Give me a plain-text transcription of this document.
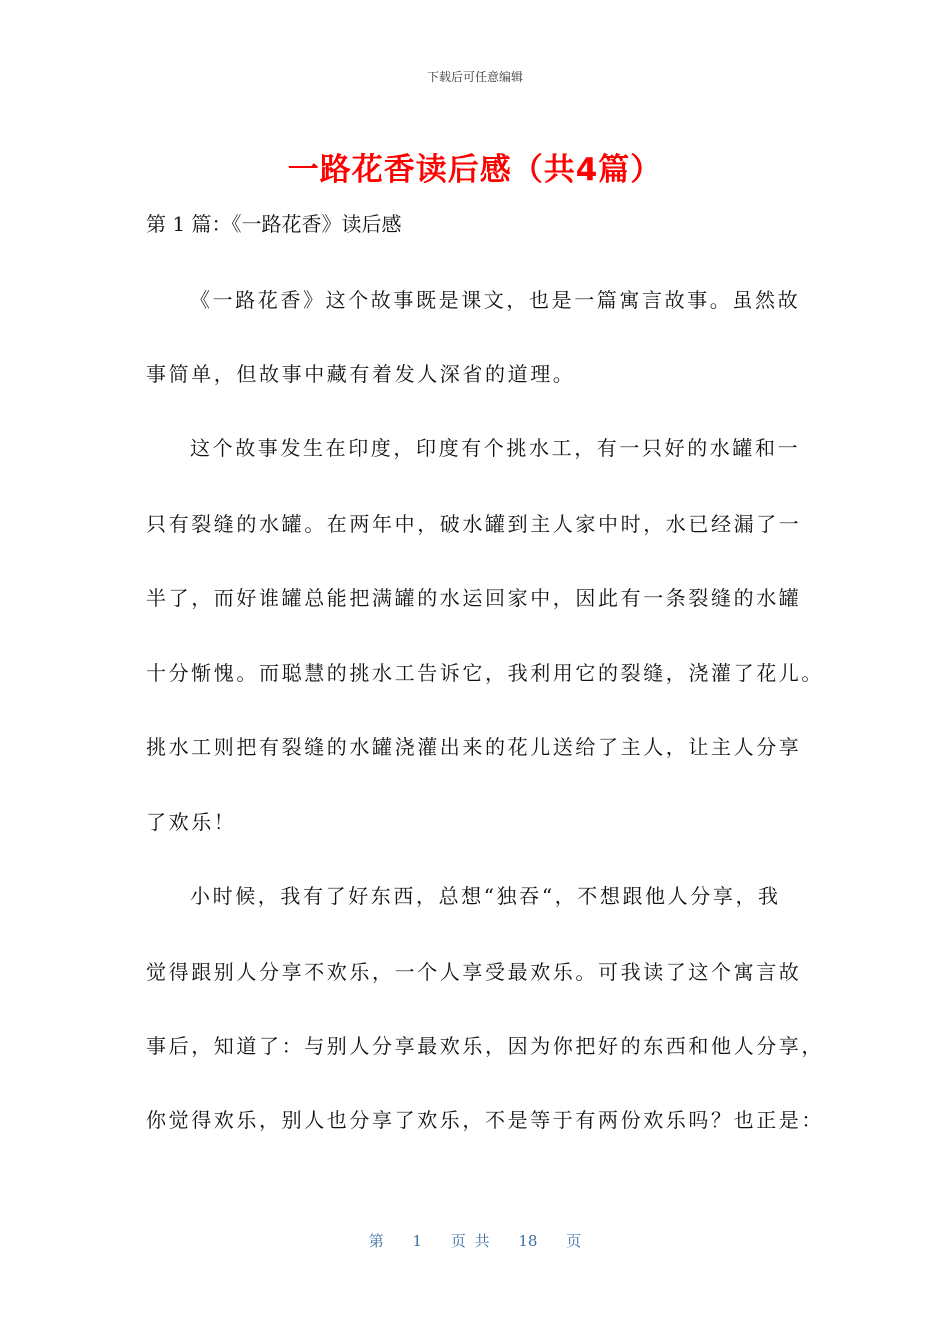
下载后可任意编辑
一路花香读后感（共4篇）
第 1 篇：《一路花香》读后感
《一路花香》这个故事既是课文，也是一篇寓言故事。虽然故
事简单，但故事中藏有着发人深省的道理。
这个故事发生在印度，印度有个挑水工，有一只好的水罐和一
只有裂缝的水罐。在两年中，破水罐到主人家中时，水已经漏了一
半了，而好谁罐总能把满罐的水运回家中，因此有一条裂缝的水罐
十分惭愧。而聪慧的挑水工告诉它，我利用它的裂缝，浇灌了花儿。
挑水工则把有裂缝的水罐浇灌出来的花儿送给了主人，让主人分享
了欢乐！
小时候，我有了好东西，总想“独吞“，不想跟他人分享，我
觉得跟别人分享不欢乐，一个人享受最欢乐。可我读了这个寓言故
事后，知道了：与别人分享最欢乐，因为你把好的东西和他人分享，
你觉得欢乐，别人也分享了欢乐，不是等于有两份欢乐吗？也正是：
第 1 页 共 18 页
